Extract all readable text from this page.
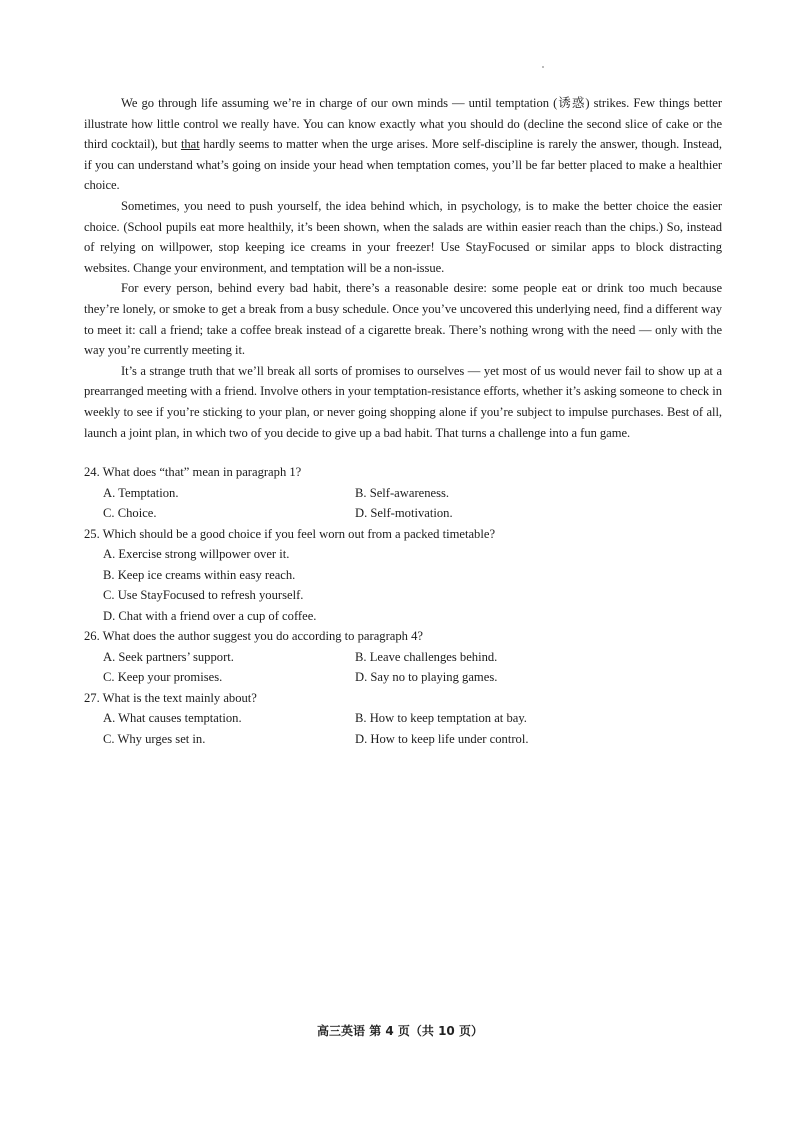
We go through life assuming we’re in charge of our own minds — until temptation (诱惑) strikes. Few things better illustrate how little control we really have. You can know exactly what you should do (decline the second slice of cake or the third cocktail), but that hardly seems to matter when the urge arises. More self-discipline is rarely the answer, though. Instead, if you can understand what’s going on inside your head when temptation comes, you’ll be far better placed to make a healthier choice.

Sometimes, you need to push yourself, the idea behind which, in psychology, is to make the better choice the easier choice. (School pupils eat more healthily, it’s been shown, when the salads are within easier reach than the chips.) So, instead of relying on willpower, stop keeping ice creams in your freezer! Use StayFocused or similar apps to block distracting websites. Change your environment, and temptation will be a non-issue.

For every person, behind every bad habit, there’s a reasonable desire: some people eat or drink too much because they’re lonely, or smoke to get a break from a busy schedule. Once you’ve uncovered this underlying need, find a different way to meet it: call a friend; take a coffee break instead of a cigarette break. There’s nothing wrong with the need — only with the way you’re currently meeting it.

It’s a strange truth that we’ll break all sorts of promises to ourselves — yet most of us would never fail to show up at a prearranged meeting with a friend. Involve others in your temptation-resistance efforts, whether it’s asking someone to check in weekly to see if you’re sticking to your plan, or never going shopping alone if you’re subject to impulse purchases. Best of all, launch a joint plan, in which two of you decide to give up a bad habit. That turns a challenge into a fun game.

24. What does “that” mean in paragraph 1?
A. Temptation.	B. Self-awareness.
C. Choice.	D. Self-motivation.
25. Which should be a good choice if you feel worn out from a packed timetable?
A. Exercise strong willpower over it.
B. Keep ice creams within easy reach.
C. Use StayFocused to refresh yourself.
D. Chat with a friend over a cup of coffee.
26. What does the author suggest you do according to paragraph 4?
A. Seek partners’ support.	B. Leave challenges behind.
C. Keep your promises.	D. Say no to playing games.
27. What is the text mainly about?
A. What causes temptation.	B. How to keep temptation at bay.
C. Why urges set in.	D. How to keep life under control.
高三英语 第 4 页（共 10 页）
